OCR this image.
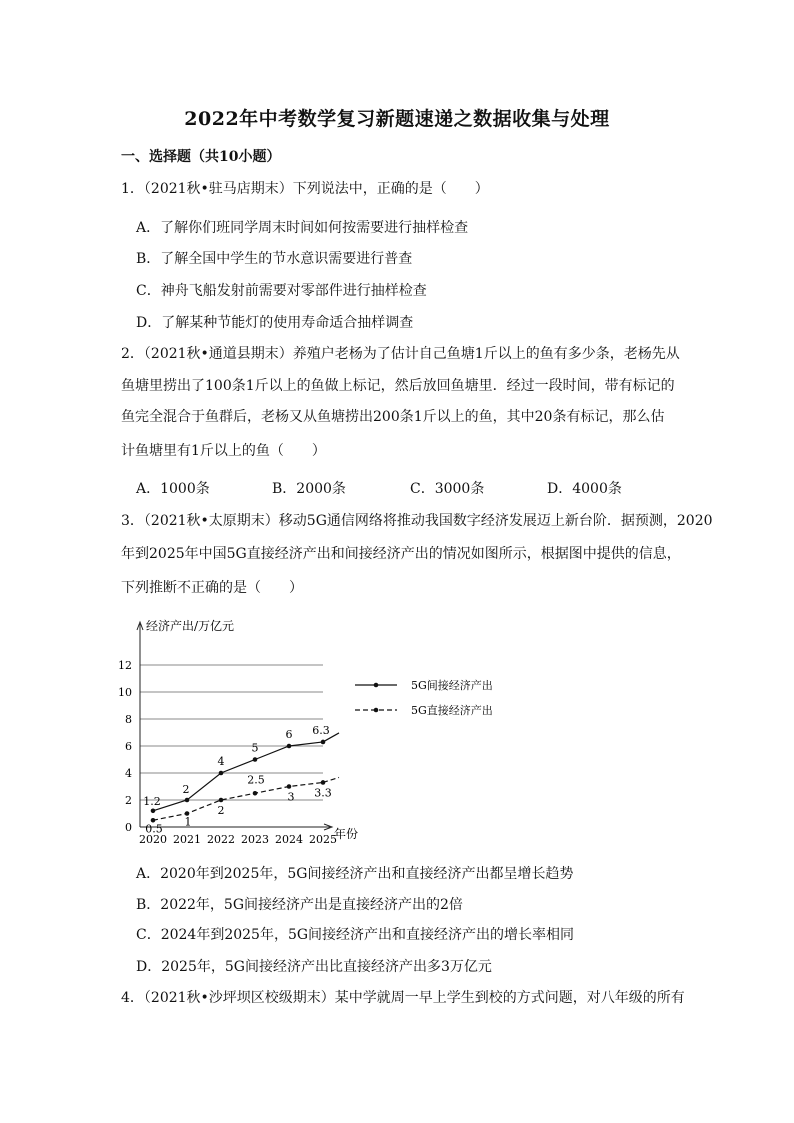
2022年中考数学复习新题速递之数据收集与处理
一、选择题（共10小题）
1．（2021秋•驻马店期末）下列说法中，正确的是（　　）
A．了解你们班同学周末时间如何按需要进行抽样检查
B．了解全国中学生的节水意识需要进行普查
C．神舟飞船发射前需要对零部件进行抽样检查
D．了解某种节能灯的使用寿命适合抽样调查
2．（2021秋•通道县期末）养殖户老杨为了估计自己鱼塘1斤以上的鱼有多少条，老杨先从
鱼塘里捞出了100条1斤以上的鱼做上标记，然后放回鱼塘里．经过一段时间，带有标记的
鱼完全混合于鱼群后，老杨又从鱼塘捞出200条1斤以上的鱼，其中20条有标记，那么估
计鱼塘里有1斤以上的鱼（　　）
A．1000条	B．2000条	C．3000条	D．4000条
3．（2021秋•太原期末）移动5G通信网络将推动我国数字经济发展迈上新台阶．据预测，2020
年到2025年中国5G直接经济产出和间接经济产出的情况如图所示，根据图中提供的信息，
下列推断不正确的是（　　）
经济产出/万亿元
年份
0
2
4
6
8
10
12
2020 2021 2022 2023 2024 2025
1.2
2
4
5
6 6.3
0.5
1
2
2.5
3 3.3
5G间接经济产出
5G直接经济产出
A．2020年到2025年，5G间接经济产出和直接经济产出都呈增长趋势
B．2022年，5G间接经济产出是直接经济产出的2倍
C．2024年到2025年，5G间接经济产出和直接经济产出的增长率相同
D．2025年，5G间接经济产出比直接经济产出多3万亿元
4．（2021秋•沙坪坝区校级期末）某中学就周一早上学生到校的方式问题，对八年级的所有
